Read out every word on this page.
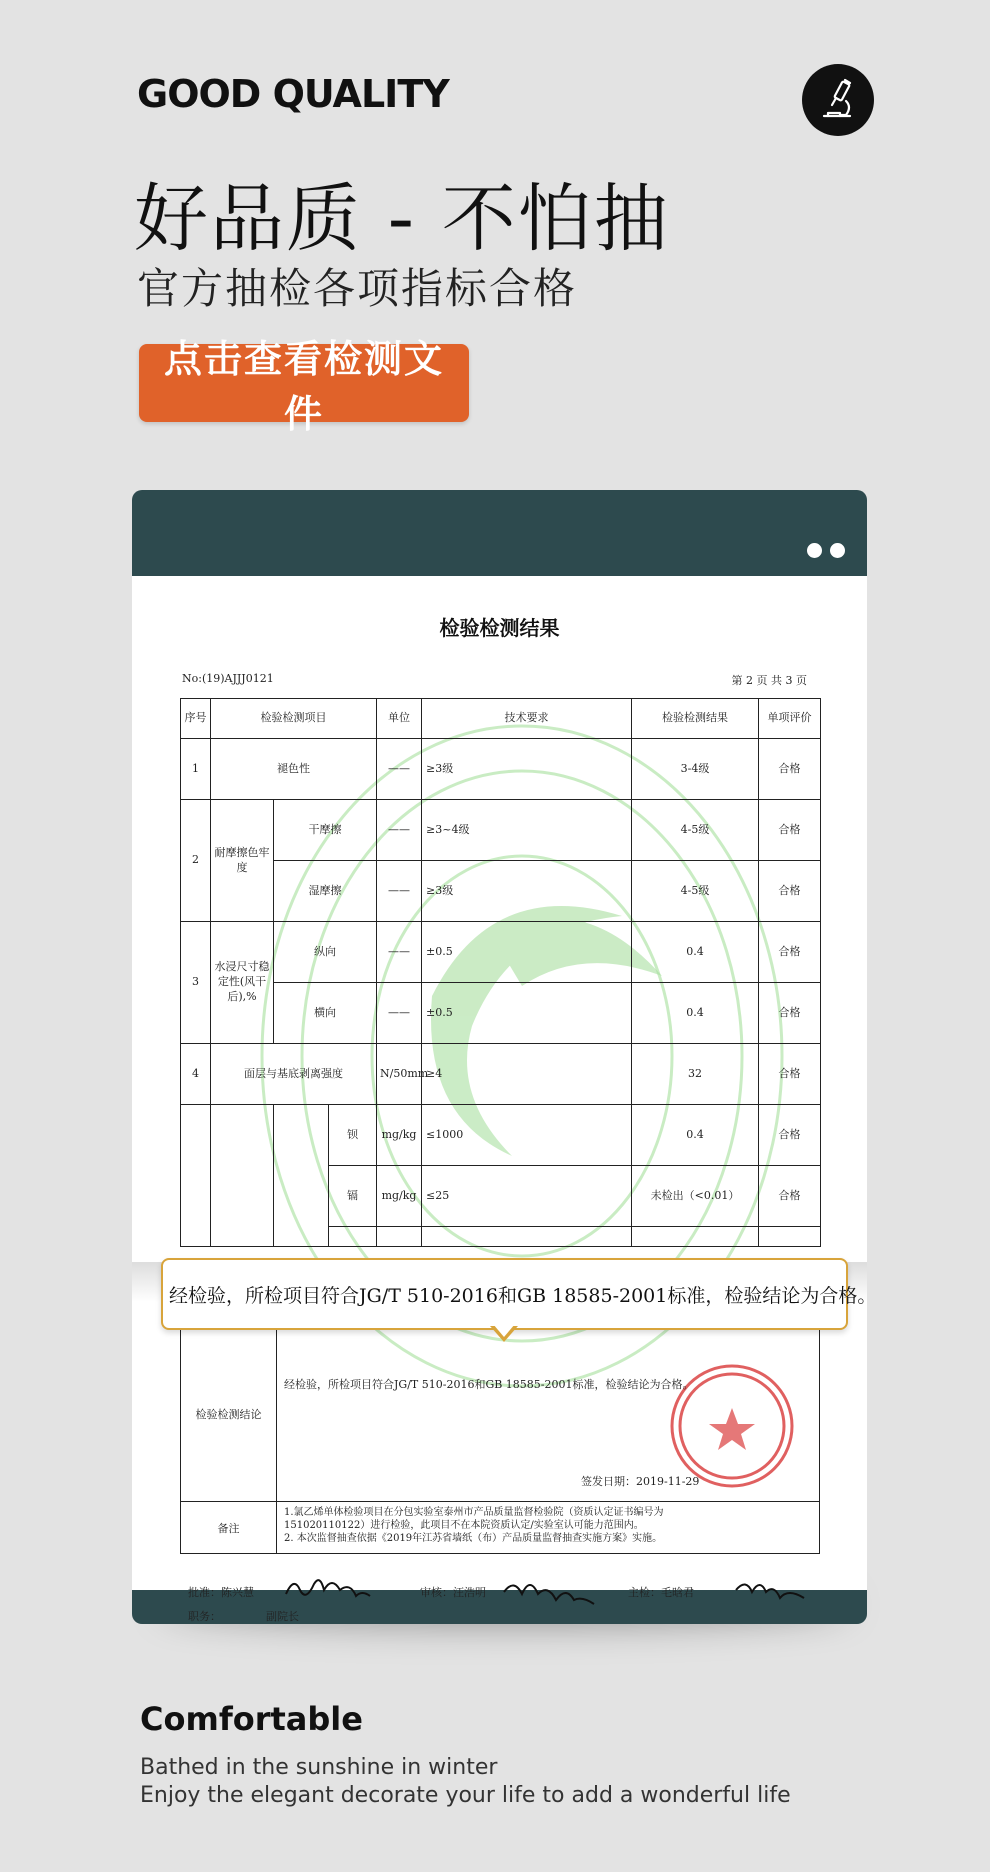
GOOD QUALITY
好品质 - 不怕抽
官方抽检各项指标合格
点击查看检测文件
检验检测结果
No:(19)AJJJ0121	第 2 页 共 3 页
序号	检验检测项目			单位	技术要求	检验检测结果	单项评价
1	褪色性			——	≥3级	3-4级	合格
2	耐摩擦色牢度	干摩擦		——	≥3~4级	4-5级	合格
		湿摩擦		——	≥3级	4-5级	合格
3	水浸尺寸稳定性(风干后),%	纵向		——	±0.5	0.4	合格
		横向		——	±0.5	0.4	合格
4	面层与基底剥离强度			N/50mm	≥4	32	合格
			钡	mg/kg	≤1000	0.4	合格
			镉	mg/kg	≤25	未检出（<0.01）	合格

检验检测结论
经检验，所检项目符合JG/T 510-2016和GB 18585-2001标准，检验结论为合格。
签发日期：2019-11-29
备注
1.氯乙烯单体检验项目在分包实验室泰州市产品质量监督检验院（资质认定证书编号为
151020110122）进行检验，此项目不在本院资质认定/实验室认可能力范围内。
2. 本次监督抽查依据《2019年江苏省墙纸（布）产品质量监督抽查实施方案》实施。
批准：陈兴慧	审核：汪浩明	主检：毛晗君
职务：	副院长
经检验，所检项目符合JG/T 510-2016和GB 18585-2001标准，检验结论为合格。
Comfortable
Bathed in the sunshine in winter
Enjoy the elegant decorate your life to add a wonderful life
